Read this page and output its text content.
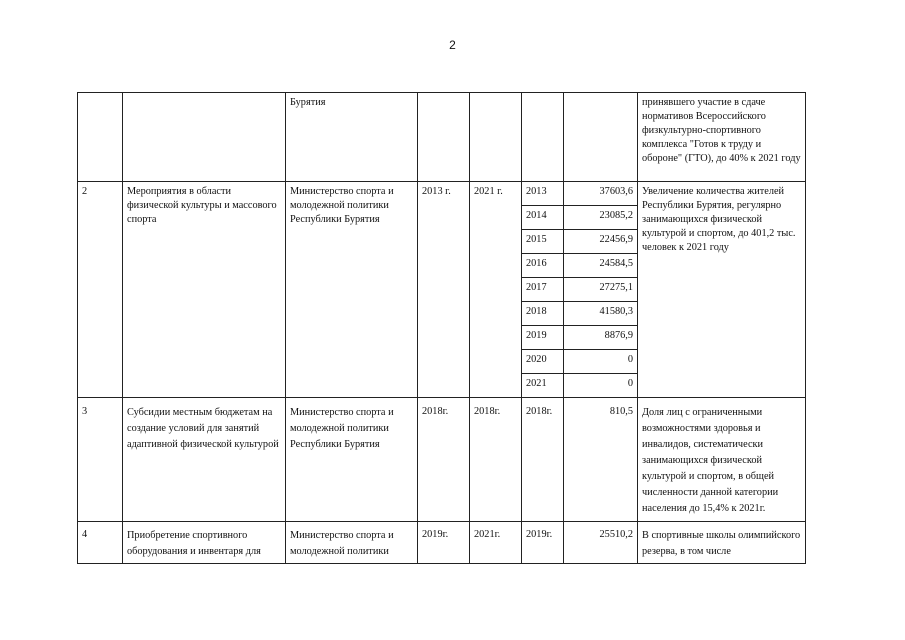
2
		Бурятия					принявшего участие в сдаче нормативов Всероссийского физкультурно-спортивного комплекса "Готов к труду и обороне" (ГТО), до 40% к 2021 году
2	Мероприятия в области физической культуры и массового спорта	Министерство спорта и молодежной политики Республики Бурятия	2013 г.	2021 г.	2013	37603,6	Увеличение количества жителей Республики Бурятия, регулярно занимающихся физической культурой и спортом, до 401,2 тыс. человек к 2021 году
					2014	23085,2	
					2015	22456,9	
					2016	24584,5	
					2017	27275,1	
					2018	41580,3	
					2019	8876,9	
					2020	0	
					2021	0	
3	Субсидии местным бюджетам на создание условий для занятий адаптивной физической культурой	Министерство спорта и молодежной политики Республики Бурятия	2018г.	2018г.	2018г.	810,5	Доля лиц с ограниченными возможностями здоровья и инвалидов, систематически занимающихся физической культурой и спортом, в общей численности данной категории населения до 15,4% к 2021г.
4	Приобретение спортивного оборудования и инвентаря для	Министерство спорта и молодежной политики	2019г.	2021г.	2019г.	25510,2	В спортивные школы олимпийского резерва, в том числе
